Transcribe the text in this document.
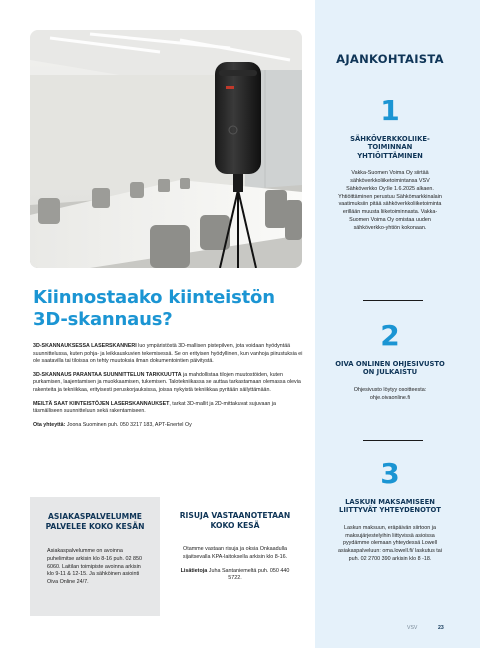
Kiinnostaako kiinteistön
3D-skannaus?

3D-SKANNAUKSESSA LASERSKANNERI luo ympäristöstä 3D-mallisen pistepilven, jota voidaan hyödyntää suunnittelussa, kuten pohja- ja leikkauskuvien tekemisessä. Se on erityisen hyödyllinen, kun vanhoja piirustuksia ei ole saatavilla tai tiloissa on tehty muutoksia ilman dokumentointien päivitystä.

3D-SKANNAUS PARANTAA SUUNNITTELUN TARKKUUTTA ja mahdollistaa tilojen muutostöiden, kuten purkamisen, laajentamisen ja muokkaamisen, tukemisen. Talotekniikassa se auttaa tarkastamaan olemassa olevia rakenteita ja tekniikkaa, erityisesti peruskorjauksissa, joissa nykyistä tekniikkaa pyritään säilyttämään.

MEILTÄ SAAT KIINTEISTÖJEN LASERSKANNAUKSET, tarkat 3D-mallit ja 2D-mittakuvat sujuvaan ja täsmälliseen suunnitteluun sekä rakentamiseen.

Ota yhteyttä: Joona Suominen puh. 050 3217 183, APT-Enertel Oy

ASIAKASPALVELUMME
PALVELEE KOKO KESÄN
Asiakaspalvelumme on avoinna puhelimitse arkisin klo 8-16 puh. 02 850 6060. Laitilan toimipiste avoinna arkisin klo 9-11 & 12-15. Ja sähköinen asiointi Oiva Online 24/7.
RISUJA VASTAANOTETAAN
KOKO KESÄ
Otamme vastaan risuja ja oksia Onkaadulla sijaitsevalla KPA-laitoksella arkisin klo 8-16.
Lisätietoja Juha Santaniemeltä puh. 050 440 5722.
AJANKOHTAISTA
1
SÄHKÖVERKKOLIIKE-TOIMINNAN YHTIÖITTÄMINEN
Vakka-Suomen Voima Oy siirtää sähköverkkoliiketoimintansa VSV Sähköverkko Oy:lle 1.6.2025 alkaen. Yhtiöittäminen perustuu Sähkömarkkinalain vaatimuksiin pitää sähköverkkoliiketoiminta erillään muusta liiketoiminnasta. Vakka-Suomen Voima Oy omistaa uuden sähköverkko-yhtiön kokonaan.
2
OIVA ONLINEN OHJESIVUSTO ON JULKAISTU
Ohjesivusto löytyy osoitteesta: ohje.oivaonline.fi
3
LASKUN MAKSAMISEEN LIITTYVÄT YHTEYDENOTOT
Laskun maksuun, eräpäivän siirtoon ja maksujärjestelyihin liittyvissä asioissa pyydämme olemaan yhteydessä Lowell asiakaspalveluun: oma.lowell.fi/ laskutus tai puh. 02 2700 390 arkisin klo 8 -18.
VSV	23
